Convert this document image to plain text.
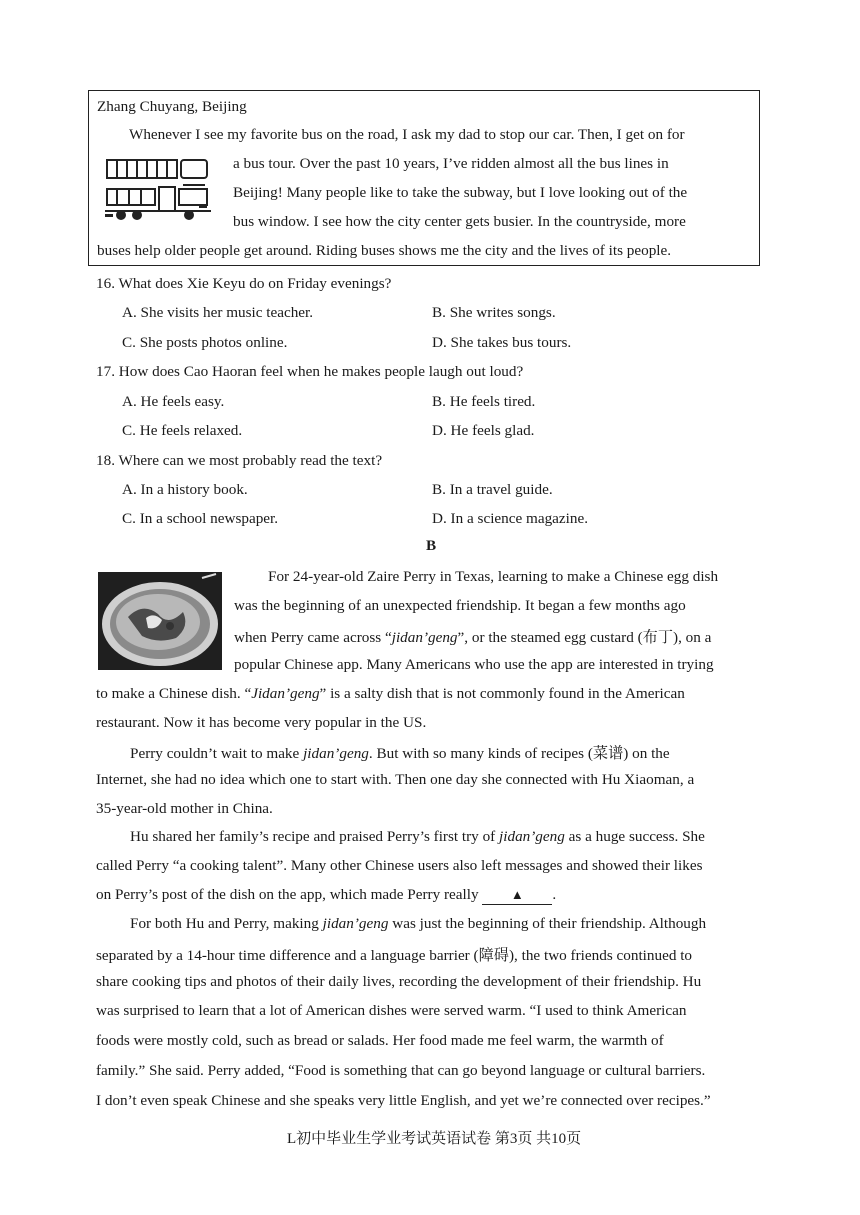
Zhang Chuyang, Beijing
Whenever I see my favorite bus on the road, I ask my dad to stop our car. Then, I get on for
a bus tour. Over the past 10 years, I’ve ridden almost all the bus lines in
Beijing! Many people like to take the subway, but I love looking out of the
bus window. I see how the city center gets busier. In the countryside, more
buses help older people get around. Riding buses shows me the city and the lives of its people.
16. What does Xie Keyu do on Friday evenings?
A. She visits her music teacher.	B. She writes songs.
C. She posts photos online.	D. She takes bus tours.
17. How does Cao Haoran feel when he makes people laugh out loud?
A. He feels easy.	B. He feels tired.
C. He feels relaxed.	D. He feels glad.
18. Where can we most probably read the text?
A. In a history book.	B. In a travel guide.
C. In a school newspaper.	D. In a science magazine.
B
For 24-year-old Zaire Perry in Texas, learning to make a Chinese egg dish
was the beginning of an unexpected friendship. It began a few months ago
when Perry came across “jidan’geng”, or the steamed egg custard (布丁), on a
popular Chinese app. Many Americans who use the app are interested in trying
to make a Chinese dish. “Jidan’geng” is a salty dish that is not commonly found in the American
restaurant. Now it has become very popular in the US.
Perry couldn’t wait to make jidan’geng. But with so many kinds of recipes (菜谱) on the
Internet, she had no idea which one to start with. Then one day she connected with Hu Xiaoman, a
35-year-old mother in China.
Hu shared her family’s recipe and praised Perry’s first try of jidan’geng as a huge success. She
called Perry “a cooking talent”. Many other Chinese users also left messages and showed their likes
on Perry’s post of the dish on the app, which made Perry really ▲ .
For both Hu and Perry, making jidan’geng was just the beginning of their friendship. Although
separated by a 14-hour time difference and a language barrier (障碍), the two friends continued to
share cooking tips and photos of their daily lives, recording the development of their friendship. Hu
was surprised to learn that a lot of American dishes were served warm. “I used to think American
foods were mostly cold, such as bread or salads. Her food made me feel warm, the warmth of
family.” She said. Perry added, “Food is something that can go beyond language or cultural barriers.
I don’t even speak Chinese and she speaks very little English, and yet we’re connected over recipes.”
L初中毕业生学业考试英语试卷 第3页 共10页
